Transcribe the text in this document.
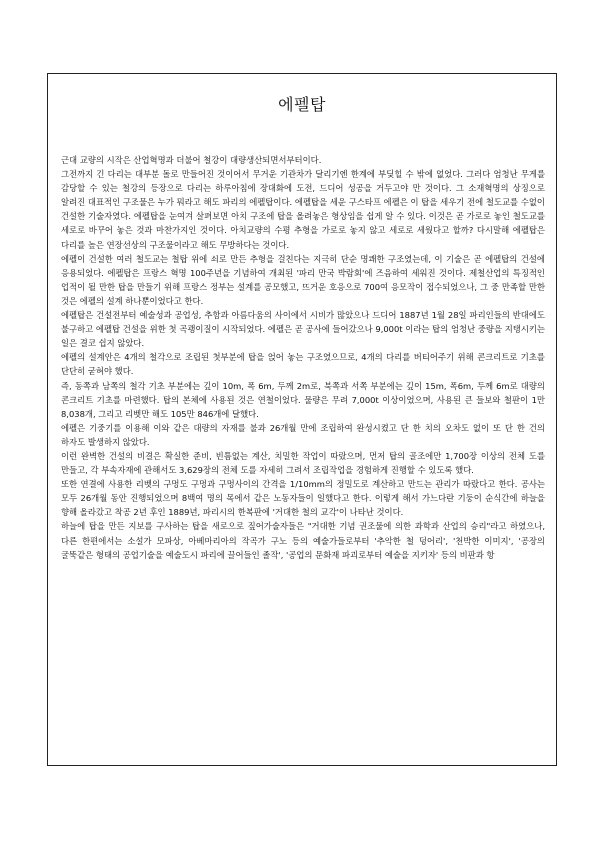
에펠탑

근대 교량의 시작은 산업혁명과 더불어 철강이 대량생산되면서부터이다.

그전까지 긴 다리는 대부분 돌로 만들어진 것이어서 무거운 기관차가 달리기엔 한계에 부딪힐 수 밖에 없었다. 그러다 엄청난 무게를 감당할 수 있는 철강의 등장으로 다리는 하루아침에 장대화에 도전, 드디어 성공을 거두고야 만 것이다. 그 소재혁명의 상징으로 알려진 대표적인 구조물은 누가 뭐라고 해도 파리의 에펠탑이다. 에펠탑을 세운 구스타프 에펠은 이 탑을 세우기 전에 철도교를 수없이 건설한 기술자였다. 에펠탑을 눈여겨 살펴보면 아치 구조에 탑을 올려놓은 형상임을 쉽게 알 수 있다. 이것은 곧 가로로 놓인 철도교를 세로로 바꾸어 놓은 것과 마찬가지인 것이다. 아치교량의 수평 추형을 가로로 놓지 않고 세로로 세웠다고 할까? 다시말해 에펠탑은 다리를 높은 연장선상의 구조물이라고 해도 무방하다는 것이다.

에펠이 건설한 여러 철도교는 철탑 위에 쇠로 만든 추형을 걸친다는 지극히 단순 명쾌한 구조였는데, 이 기술은 곧 에펠탑의 건설에 응용되었다. 에펠탑은 프랑스 혁명 100주년을 기념하여 개최된 '파리 만국 박람회'에 즈음하여 세워진 것이다. 제철산업의 특징적인 업적이 될 만한 탑을 만들기 위해 프랑스 정부는 설계를 공모했고, 뜨거운 호응으로 700여 응모작이 접수되었으나, 그 중 만족할 만한 것은 에펠의 설계 하나뿐이었다고 한다.

에펠탑은 건설전부터 예술성과 공업성, 추함과 아름다움의 사이에서 시비가 많았으나 드디어 1887년 1월 28일 파리인들의 반대에도 불구하고 에펠탑 건설을 위한 첫 곡괭이질이 시작되었다. 에펠은 곧 공사에 들어갔으나 9,000t 이라는 탑의 엄청난 중량을 지탱시키는 일은 결코 쉽지 않았다.

에펠의 설계안은 4개의 철각으로 조립된 첫부분에 탑을 얹어 놓는 구조였으므로, 4개의 다리를 버티어주기 위해 콘크리트로 기초를 단단히 굳혀야 했다.

즉, 동쪽과 남쪽의 철각 기초 부분에는 깊이 10m, 폭 6m, 두께 2m로, 북쪽과 서쪽 부분에는 깊이 15m, 폭6m, 두께 6m로 대량의 콘크리트 기초를 마련했다. 탑의 본체에 사용된 것은 연철이었다. 물량은 무려 7,000t 이상이었으며, 사용된 큰 들보와 철판이 1만 8,038개, 그리고 리벳만 해도 105만 846개에 달했다.

에펠은 기중기를 이용해 이와 같은 대량의 자재를 불과 26개월 만에 조립하여 완성시켰고 단 한 치의 오차도 없이 또 단 한 건의 하자도 발생하지 않았다.

이런 완벽한 건설의 비결은 확실한 준비, 빈틈없는 계산, 치밀한 작업이 따랐으며, 먼저 탑의 골조에만 1,700장 이상의 전체 도를 만들고, 각 부속자재에 관해서도 3,629장의 전체 도를 자세히 그려서 조립작업을 경험하게 진행할 수 있도록 했다.

또한 연결에 사용한 리벳의 구멍도 구멍과 구멍사이의 간격을 1/10mm의 정밀도로 계산하고 만드는 관리가 따랐다고 한다. 공사는 모두 26개월 동안 진행되었으며 8백여 명의 목에서 같은 노동자들이 일했다고 한다. 이렇게 해서 가느다란 기둥이 순식간에 하늘을 향해 올라갔고 착공 2년 후인 1889년, 파리시의 한복판에 '거대한 철의 교각'이 나타난 것이다.

하늘에 탑을 만든 지보를 구사하는 탑을 새로으로 짚어가술자들은 "거대한 기념 권조물에 의한 과학과 산업의 승리"라고 하였으나, 다른 한편에서는 소설가 모파상, 아베마리아의 작곡가 구노 등의 예술가들로부터 '추악한 철 덩어리', '천박한 이미지', '공장의 굴뚝같은 형태의 공업기술을 예술도시 파리에 끌어들인 졸작', '공업의 문화재 파괴로부터 예술을 지키자' 등의 비판과 항
